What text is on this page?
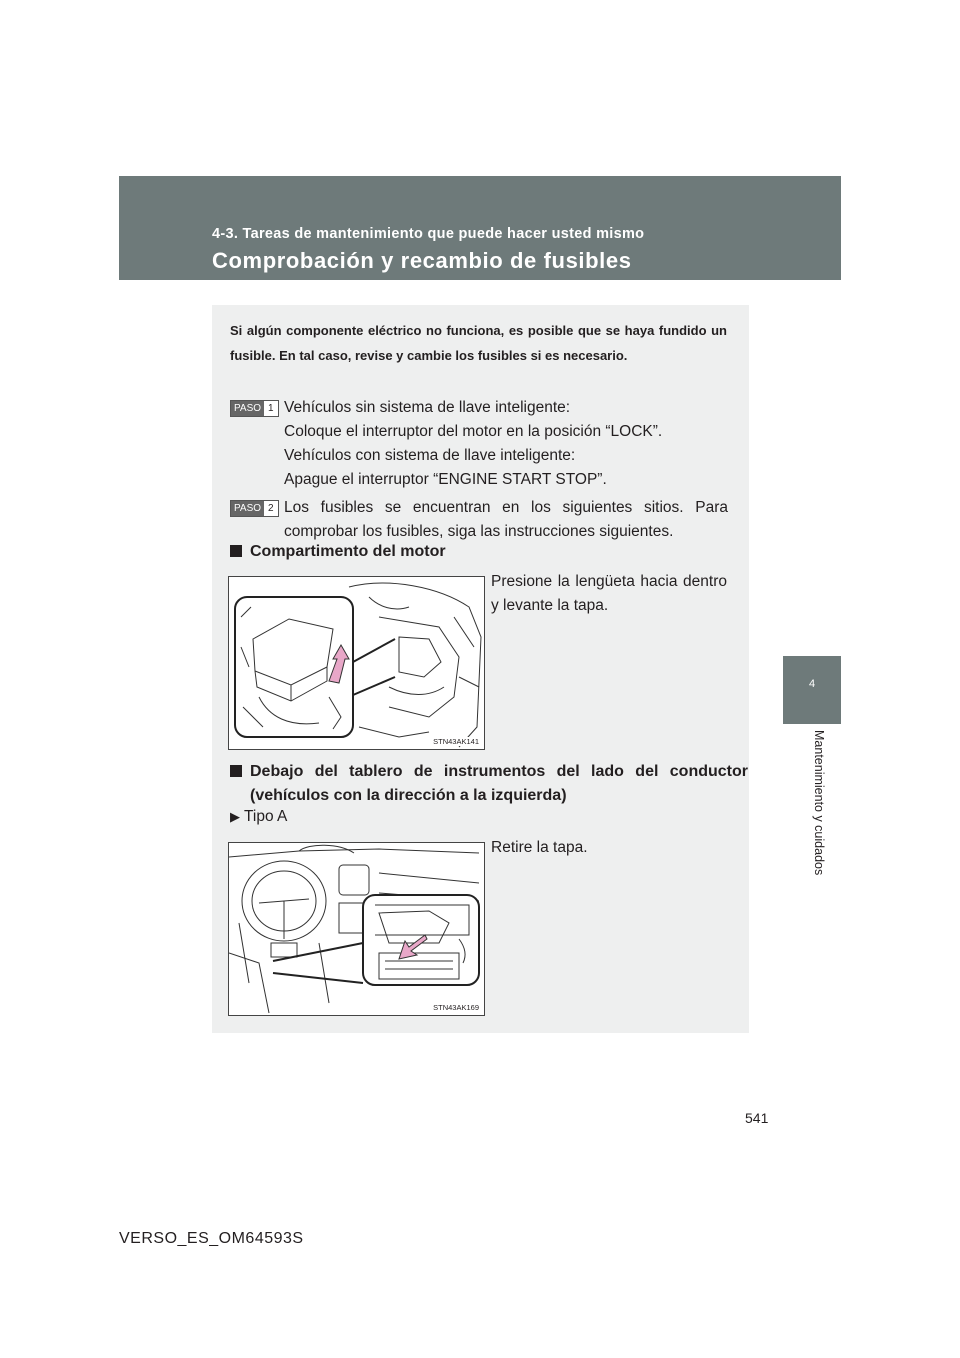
4-3. Tareas de mantenimiento que puede hacer usted mismo
Comprobación y recambio de fusibles
4
Mantenimiento y cuidados
Si algún componente eléctrico no funciona, es posible que se haya fundido un fusible. En tal caso, revise y cambie los fusibles si es necesario.
PASO 1 Vehículos sin sistema de llave inteligente:

Coloque el interruptor del motor en la posición “LOCK”.

Vehículos con sistema de llave inteligente:

Apague el interruptor “ENGINE START STOP”.

PASO 2 Los fusibles se encuentran en los siguientes sitios. Para comprobar los fusibles, siga las instrucciones siguientes.

Compartimento del motor
Presione la lengüeta hacia dentro y levante la tapa.
STN43AK141
Debajo del tablero de instrumentos del lado del conductor (vehículos con la dirección a la izquierda)
▶ Tipo A
Retire la tapa.
STN43AK169
541
VERSO_ES_OM64593S
